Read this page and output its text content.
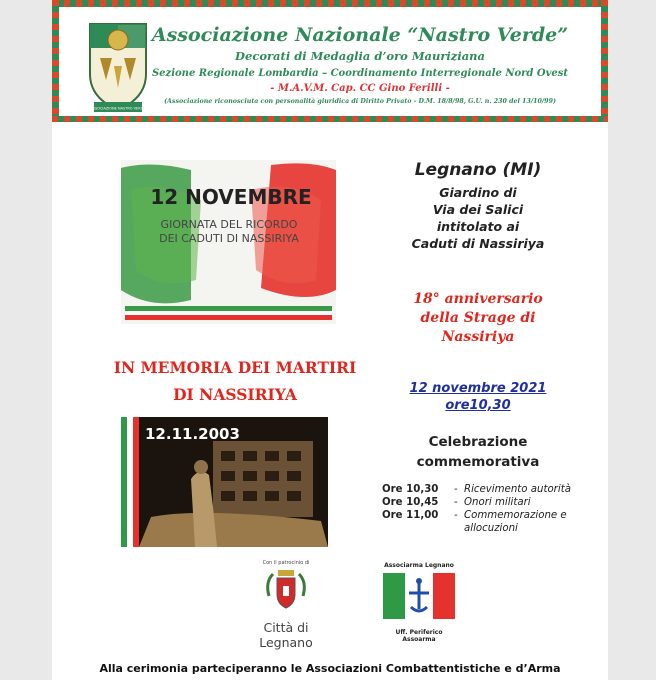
ASSOCIAZIONE NASTRO VERDE
Associazione Nazionale “Nastro Verde”
Decorati di Medaglia d’oro Mauriziana
Sezione Regionale Lombardia – Coordinamento Interregionale Nord Ovest
- M.A.V.M. Cap. CC Gino Ferilli -
(Associazione riconosciuta con personalità giuridica di Diritto Privato - D.M. 18/8/98, G.U. n. 230 del 13/10/99)
12 NOVEMBRE
GIORNATA DEL RICORDO
DEI CADUTI DI NASSIRIYA
IN MEMORIA DEI MARTIRI
DI NASSIRIYA
12.11.2003
Legnano (MI)
Giardino di
Via dei Salici
intitolato ai
Caduti di Nassiriya
18° anniversario
della Strage di
Nassiriya
12 novembre 2021
ore10,30
Celebrazione
commemorativa
Ore 10,30	- Ricevimento autorità
Ore 10,45	- Onori militari
Ore 11,00	- Commemorazione e
allocuzioni
Con il patrocinio di
Città di Legnano
Associarma Legnano
Uff. Periferico Assoarma
Alla cerimonia parteciperanno le Associazioni Combattentistiche e d’Arma
